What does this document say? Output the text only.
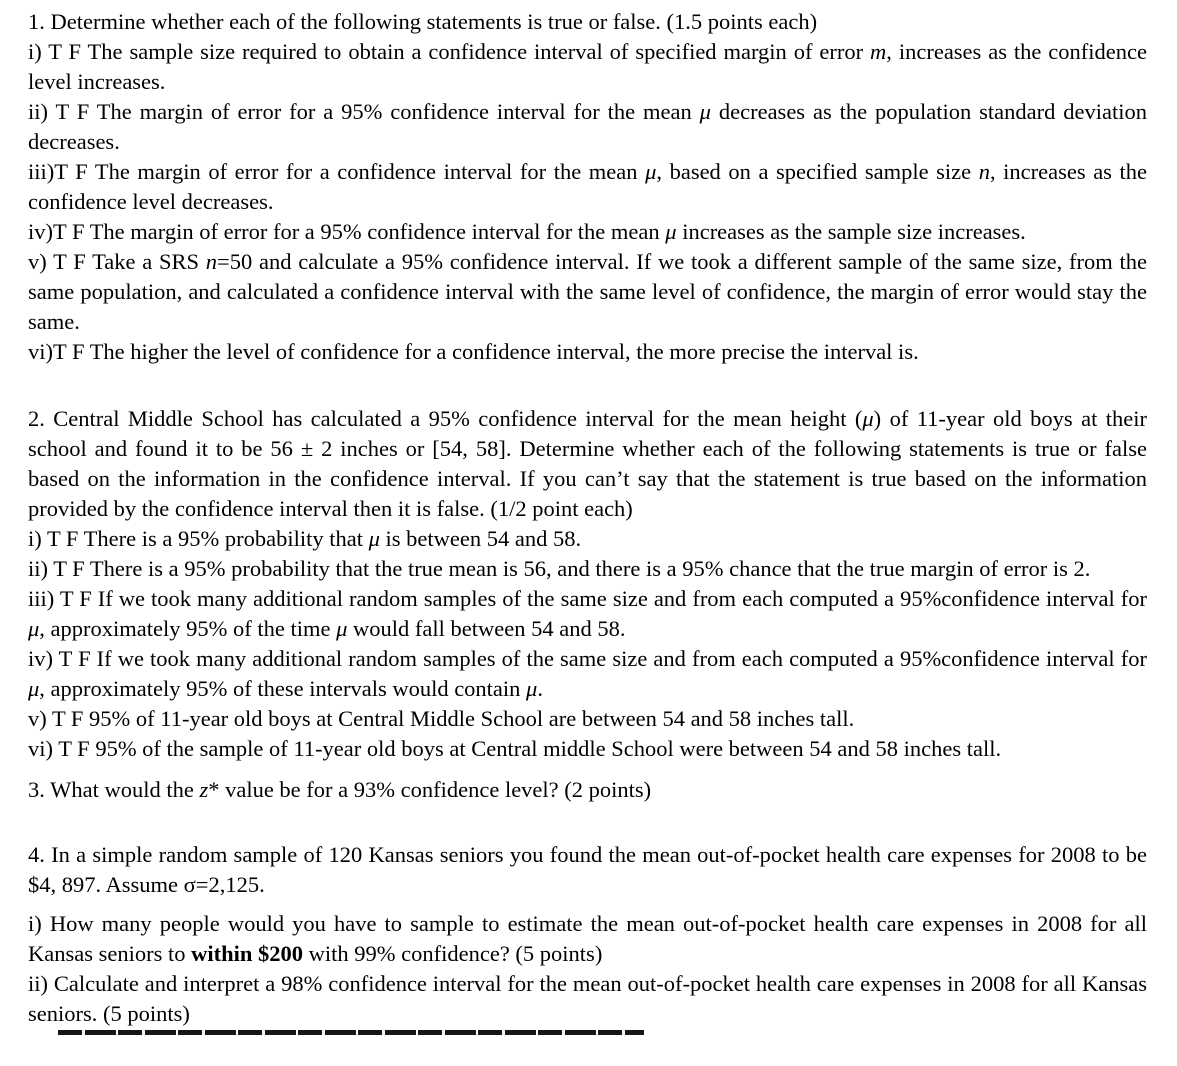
1. Determine whether each of the following statements is true or false. (1.5 points each)

i) T F The sample size required to obtain a confidence interval of specified margin of error m, increases as the confidence level increases.

ii) T F The margin of error for a 95% confidence interval for the mean μ decreases as the population standard deviation decreases.

iii)T F The margin of error for a confidence interval for the mean μ, based on a specified sample size n, increases as the confidence level decreases.

iv)T F The margin of error for a 95% confidence interval for the mean μ increases as the sample size increases.

v) T F Take a SRS n=50 and calculate a 95% confidence interval. If we took a different sample of the same size, from the same population, and calculated a confidence interval with the same level of confidence, the margin of error would stay the same.

vi)T F The higher the level of confidence for a confidence interval, the more precise the interval is.

2. Central Middle School has calculated a 95% confidence interval for the mean height (μ) of 11-year old boys at their school and found it to be 56 ± 2 inches or [54, 58]. Determine whether each of the following statements is true or false based on the information in the confidence interval. If you can’t say that the statement is true based on the information provided by the confidence interval then it is false. (1/2 point each)

i) T F There is a 95% probability that μ is between 54 and 58.

ii) T F There is a 95% probability that the true mean is 56, and there is a 95% chance that the true margin of error is 2.

iii) T F If we took many additional random samples of the same size and from each computed a 95%confidence interval for μ, approximately 95% of the time μ would fall between 54 and 58.

iv) T F If we took many additional random samples of the same size and from each computed a 95%confidence interval for μ, approximately 95% of these intervals would contain μ.

v) T F 95% of 11-year old boys at Central Middle School are between 54 and 58 inches tall.

vi) T F 95% of the sample of 11-year old boys at Central middle School were between 54 and 58 inches tall.

3. What would the z* value be for a 93% confidence level? (2 points)

4. In a simple random sample of 120 Kansas seniors you found the mean out-of-pocket health care expenses for 2008 to be $4, 897. Assume σ=2,125.

i) How many people would you have to sample to estimate the mean out-of-pocket health care expenses in 2008 for all Kansas seniors to within $200 with 99% confidence? (5 points)

ii) Calculate and interpret a 98% confidence interval for the mean out-of-pocket health care expenses in 2008 for all Kansas seniors. (5 points)
